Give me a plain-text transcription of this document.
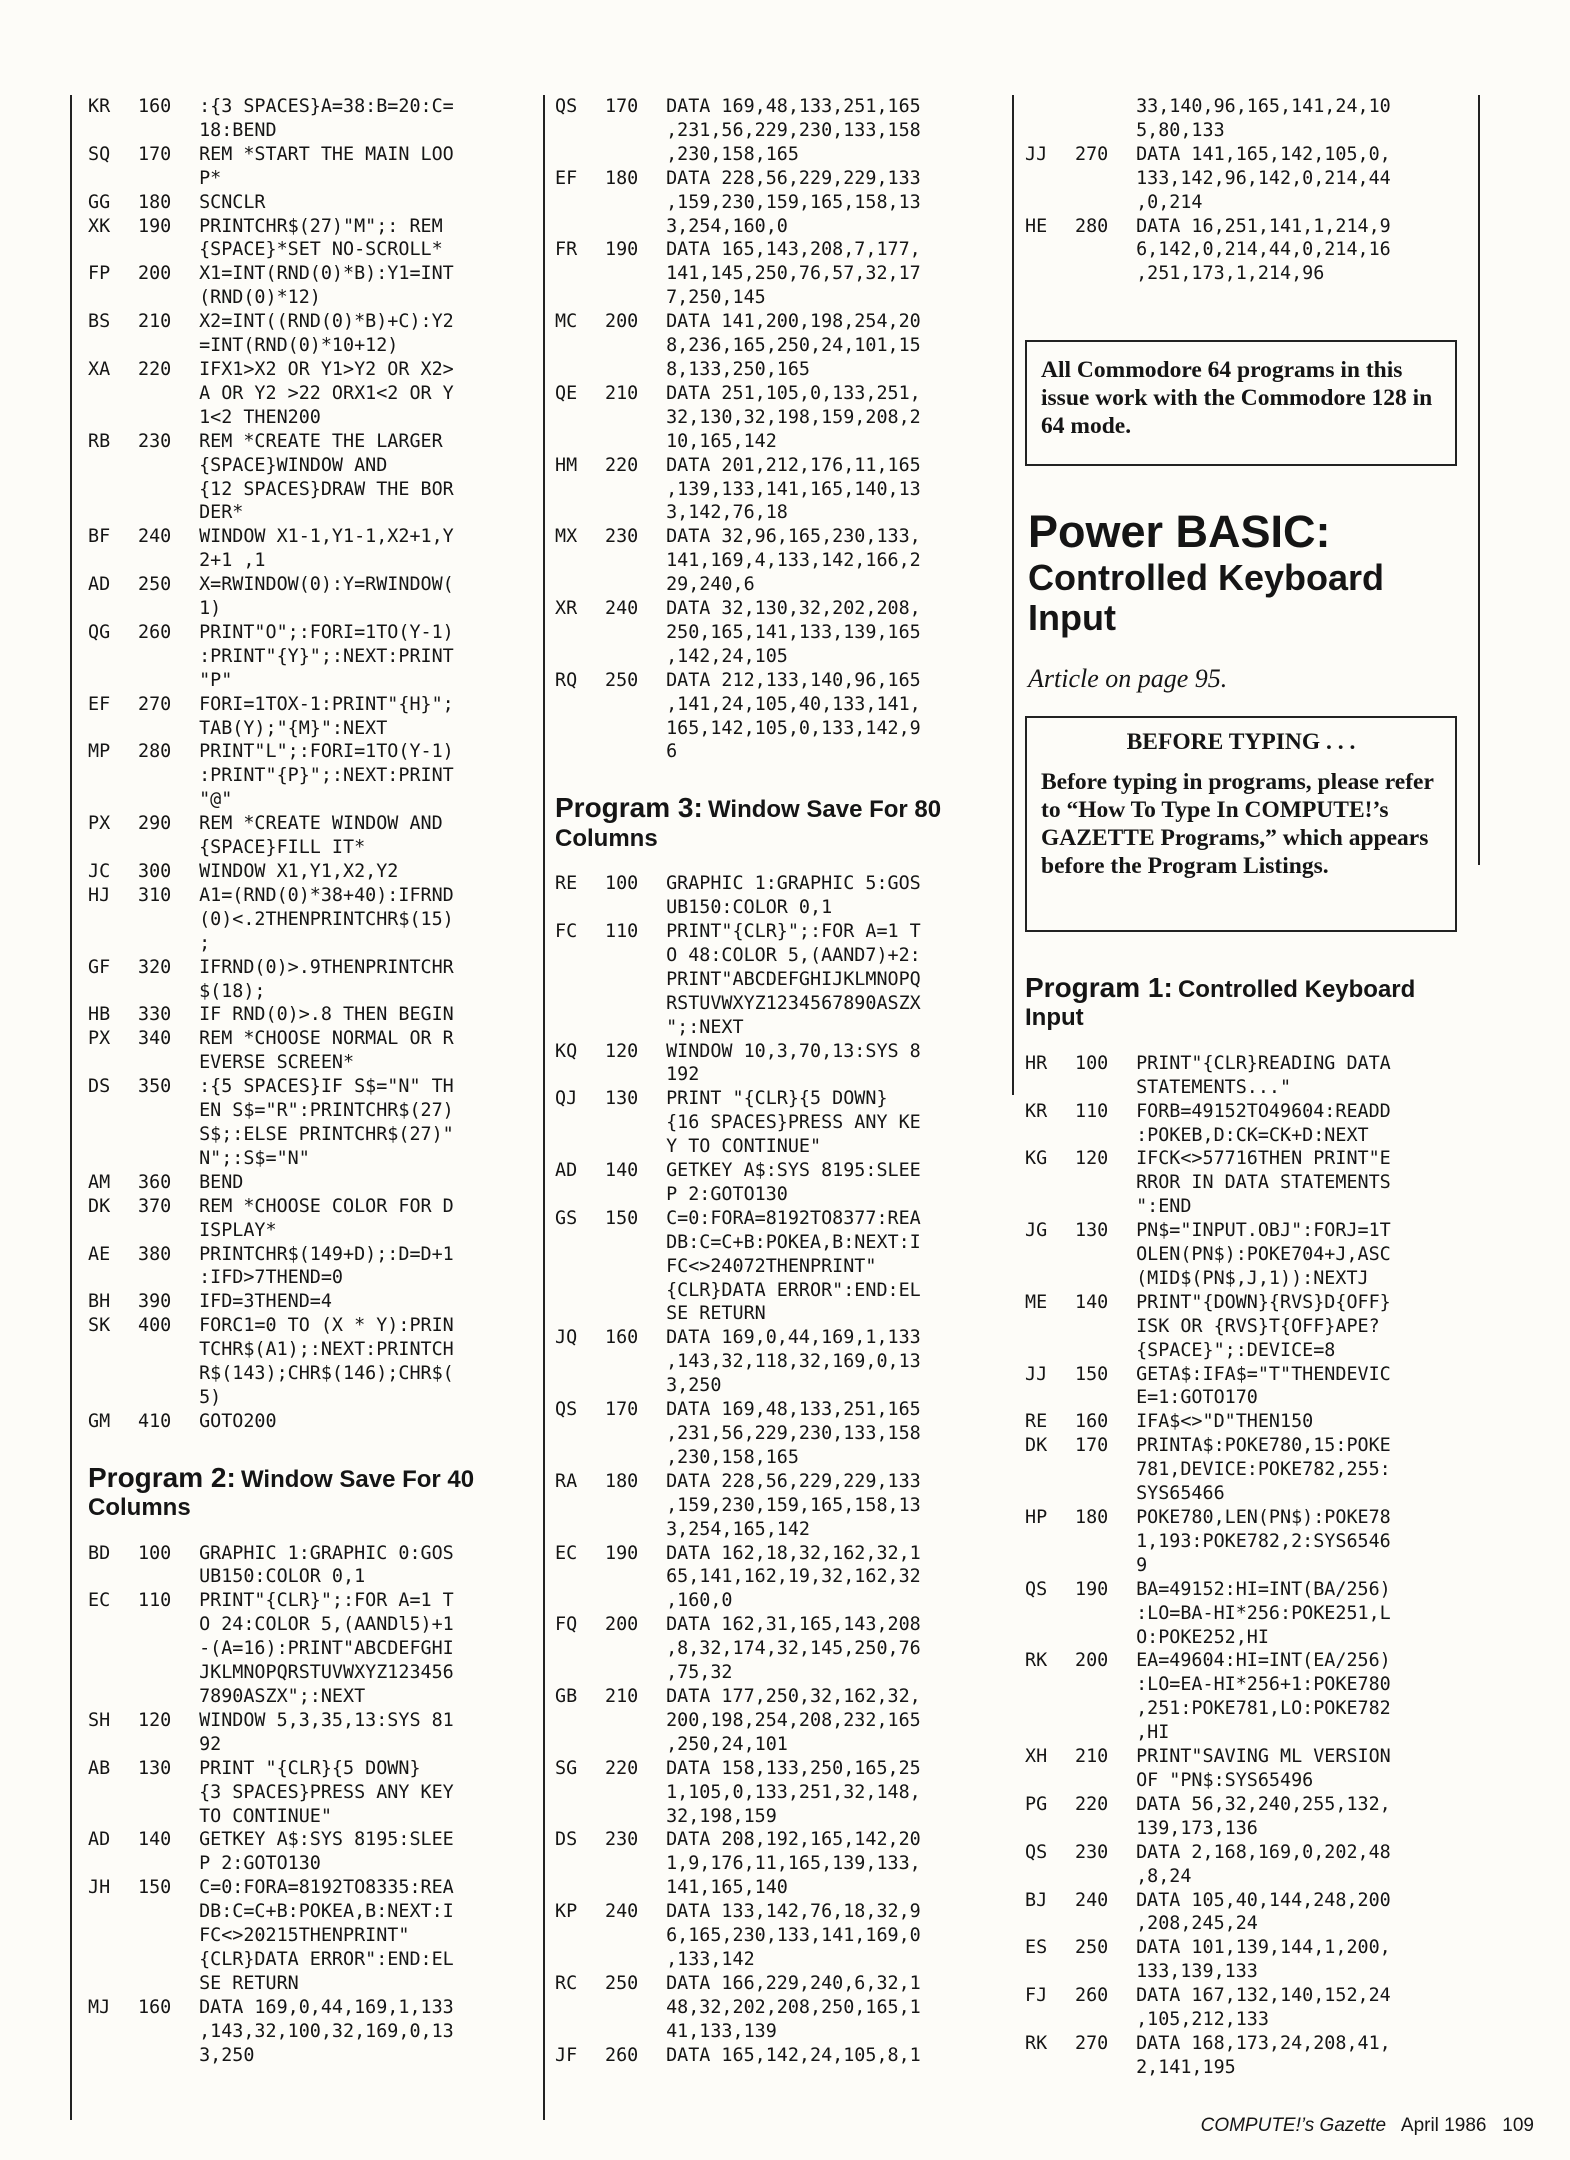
KR	160 :{3 SPACES}A=38:B=20:C=
18:BEND
SQ	170 REM *START THE MAIN LOO
P*
GG	180 SCNCLR
XK	190 PRINTCHR$(27)"M";: REM
{SPACE}*SET NO-SCROLL*
FP	200 X1=INT(RND(0)*B):Y1=INT
(RND(0)*12)
BS	210 X2=INT((RND(0)*B)+C):Y2
=INT(RND(0)*10+12)
XA	220 IFX1>X2 OR Y1>Y2 OR X2>
A OR Y2 >22 ORX1<2 OR Y
1<2 THEN200
RB	230 REM *CREATE THE LARGER
{SPACE}WINDOW AND
{12 SPACES}DRAW THE BOR
DER*
BF	240 WINDOW X1-1,Y1-1,X2+1,Y
2+1 ,1
AD	250 X=RWINDOW(0):Y=RWINDOW(
1)
QG	260 PRINT"O";:FORI=1TO(Y-1)
:PRINT"{Y}";:NEXT:PRINT
"P"
EF	270 FORI=1TOX-1:PRINT"{H}";
TAB(Y);"{M}":NEXT
MP	280 PRINT"L";:FORI=1TO(Y-1)
:PRINT"{P}";:NEXT:PRINT
"@"
PX	290 REM *CREATE WINDOW AND
{SPACE}FILL IT*
JC	300 WINDOW X1,Y1,X2,Y2
HJ	310 A1=(RND(0)*38+40):IFRND
(0)<.2THENPRINTCHR$(15)
;
GF	320 IFRND(0)>.9THENPRINTCHR
$(18);
HB	330 IF RND(0)>.8 THEN BEGIN
PX	340 REM *CHOOSE NORMAL OR R
EVERSE SCREEN*
DS	350 :{5 SPACES}IF S$="N" TH
EN S$="R":PRINTCHR$(27)
S$;:ELSE PRINTCHR$(27)"
N";:S$="N"
AM	360 BEND
DK	370 REM *CHOOSE COLOR FOR D
ISPLAY*
AE	380 PRINTCHR$(149+D);:D=D+1
:IFD>7THEND=0
BH	390 IFD=3THEND=4
SK	400 FORC1=0 TO (X * Y):PRIN
TCHR$(A1);:NEXT:PRINTCH
R$(143);CHR$(146);CHR$(
5)
GM	410 GOTO200
Program 2: Window Save For 40
Columns
BD	100 GRAPHIC 1:GRAPHIC 0:GOS
UB150:COLOR 0,1
EC	110 PRINT"{CLR}";:FOR A=1 T
O 24:COLOR 5,(AANDl5)+1
-(A=16):PRINT"ABCDEFGHI
JKLMNOPQRSTUVWXYZ123456
7890ASZX";:NEXT
SH	120 WINDOW 5,3,35,13:SYS 81
92
AB	130 PRINT "{CLR}{5 DOWN}
{3 SPACES}PRESS ANY KEY
TO CONTINUE"
AD	140 GETKEY A$:SYS 8195:SLEE
P 2:GOTO130
JH	150 C=0:FORA=8192TO8335:REA
DB:C=C+B:POKEA,B:NEXT:I
FC<>20215THENPRINT"
{CLR}DATA ERROR":END:EL
SE RETURN
MJ	160 DATA 169,0,44,169,1,133
,143,32,100,32,169,0,13
3,250
QS	170 DATA 169,48,133,251,165
,231,56,229,230,133,158
,230,158,165
EF	180 DATA 228,56,229,229,133
,159,230,159,165,158,13
3,254,160,0
FR	190 DATA 165,143,208,7,177,
141,145,250,76,57,32,17
7,250,145
MC	200 DATA 141,200,198,254,20
8,236,165,250,24,101,15
8,133,250,165
QE	210 DATA 251,105,0,133,251,
32,130,32,198,159,208,2
10,165,142
HM	220 DATA 201,212,176,11,165
,139,133,141,165,140,13
3,142,76,18
MX	230 DATA 32,96,165,230,133,
141,169,4,133,142,166,2
29,240,6
XR	240 DATA 32,130,32,202,208,
250,165,141,133,139,165
,142,24,105
RQ	250 DATA 212,133,140,96,165
,141,24,105,40,133,141,
165,142,105,0,133,142,9
6
Program 3: Window Save For 80
Columns
RE	100 GRAPHIC 1:GRAPHIC 5:GOS
UB150:COLOR 0,1
FC	110 PRINT"{CLR}";:FOR A=1 T
O 48:COLOR 5,(AAND7)+2:
PRINT"ABCDEFGHIJKLMNOPQ
RSTUVWXYZ1234567890ASZX
";:NEXT
KQ	120 WINDOW 10,3,70,13:SYS 8
192
QJ	130 PRINT "{CLR}{5 DOWN}
{16 SPACES}PRESS ANY KE
Y TO CONTINUE"
AD	140 GETKEY A$:SYS 8195:SLEE
P 2:GOTO130
GS	150 C=0:FORA=8192TO8377:REA
DB:C=C+B:POKEA,B:NEXT:I
FC<>24072THENPRINT"
{CLR}DATA ERROR":END:EL
SE RETURN
JQ	160 DATA 169,0,44,169,1,133
,143,32,118,32,169,0,13
3,250
QS	170 DATA 169,48,133,251,165
,231,56,229,230,133,158
,230,158,165
RA	180 DATA 228,56,229,229,133
,159,230,159,165,158,13
3,254,165,142
EC	190 DATA 162,18,32,162,32,1
65,141,162,19,32,162,32
,160,0
FQ	200 DATA 162,31,165,143,208
,8,32,174,32,145,250,76
,75,32
GB	210 DATA 177,250,32,162,32,
200,198,254,208,232,165
,250,24,101
SG	220 DATA 158,133,250,165,25
1,105,0,133,251,32,148,
32,198,159
DS	230 DATA 208,192,165,142,20
1,9,176,11,165,139,133,
141,165,140
KP	240 DATA 133,142,76,18,32,9
6,165,230,133,141,169,0
,133,142
RC	250 DATA 166,229,240,6,32,1
48,32,202,208,250,165,1
41,133,139
JF	260 DATA 165,142,24,105,8,1
33,140,96,165,141,24,10
5,80,133
JJ	270 DATA 141,165,142,105,0,
133,142,96,142,0,214,44
,0,214
HE	280 DATA 16,251,141,1,214,9
6,142,0,214,44,0,214,16
,251,173,1,214,96
All Commodore 64 programs in this issue work with the Commodore 128 in 64 mode.
Power BASIC:
Controlled Keyboard Input
Article on page 95.
BEFORE TYPING . . .
Before typing in programs, please refer to “How To Type In COMPUTE!’s GAZETTE Programs,” which appears before the Program Listings.
Program 1: Controlled Keyboard
Input
HR	100 PRINT"{CLR}READING DATA
STATEMENTS..."
KR	110 FORB=49152TO49604:READD
:POKEB,D:CK=CK+D:NEXT
KG	120 IFCK<>57716THEN PRINT"E
RROR IN DATA STATEMENTS
":END
JG	130 PN$="INPUT.OBJ":FORJ=1T
OLEN(PN$):POKE704+J,ASC
(MID$(PN$,J,1)):NEXTJ
ME	140 PRINT"{DOWN}{RVS}D{OFF}
ISK OR {RVS}T{OFF}APE?
{SPACE}";:DEVICE=8
JJ	150 GETA$:IFA$="T"THENDEVIC
E=1:GOTO170
RE	160 IFA$<>"D"THEN150
DK	170 PRINTA$:POKE780,15:POKE
781,DEVICE:POKE782,255:
SYS65466
HP	180 POKE780,LEN(PN$):POKE78
1,193:POKE782,2:SYS6546
9
QS	190 BA=49152:HI=INT(BA/256)
:LO=BA-HI*256:POKE251,L
O:POKE252,HI
RK	200 EA=49604:HI=INT(EA/256)
:LO=EA-HI*256+1:POKE780
,251:POKE781,LO:POKE782
,HI
XH	210 PRINT"SAVING ML VERSION
OF "PN$:SYS65496
PG	220 DATA 56,32,240,255,132,
139,173,136
QS	230 DATA 2,168,169,0,202,48
,8,24
BJ	240 DATA 105,40,144,248,200
,208,245,24
ES	250 DATA 101,139,144,1,200,
133,139,133
FJ	260 DATA 167,132,140,152,24
,105,212,133
RK	270 DATA 168,173,24,208,41,
2,141,195
COMPUTE!’s Gazette April 1986 109
